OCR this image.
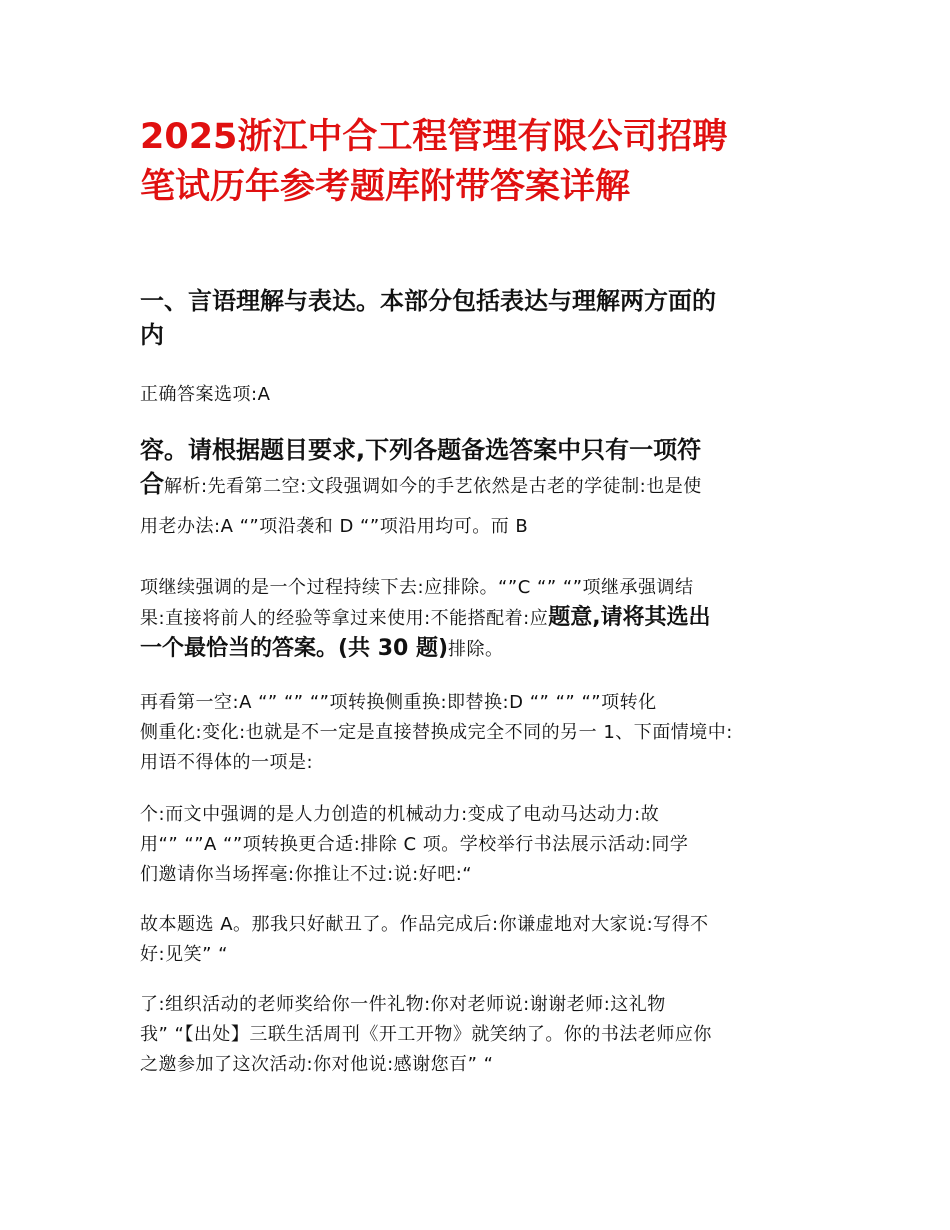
2025浙江中合工程管理有限公司招聘
笔试历年参考题库附带答案详解
一、言语理解与表达。本部分包括表达与理解两方面的
内

正确答案选项:A

容。请根据题目要求,下列各题备选答案中只有一项符
合解析:先看第二空:文段强调如今的手艺依然是古老的学徒制:也是使
用老办法:A “”项沿袭和 D “”项沿用均可。而 B
项继续强调的是一个过程持续下去:应排除。“”C “” “”项继承强调结
果:直接将前人的经验等拿过来使用:不能搭配着:应题意,请将其选出
一个最恰当的答案。(共 30 题)排除。
再看第一空:A “” “” “”项转换侧重换:即替换:D “” “” “”项转化
侧重化:变化:也就是不一定是直接替换成完全不同的另一 1、下面情境中:
用语不得体的一项是:
个:而文中强调的是人力创造的机械动力:变成了电动马达动力:故
用“” “”A “”项转换更合适:排除 C 项。学校举行书法展示活动:同学
们邀请你当场挥毫:你推让不过:说:好吧:“
故本题选 A。那我只好献丑了。作品完成后:你谦虚地对大家说:写得不
好:见笑” “
了:组织活动的老师奖给你一件礼物:你对老师说:谢谢老师:这礼物
我” “【出处】三联生活周刊《开工开物》就笑纳了。你的书法老师应你
之邀参加了这次活动:你对他说:感谢您百” “
